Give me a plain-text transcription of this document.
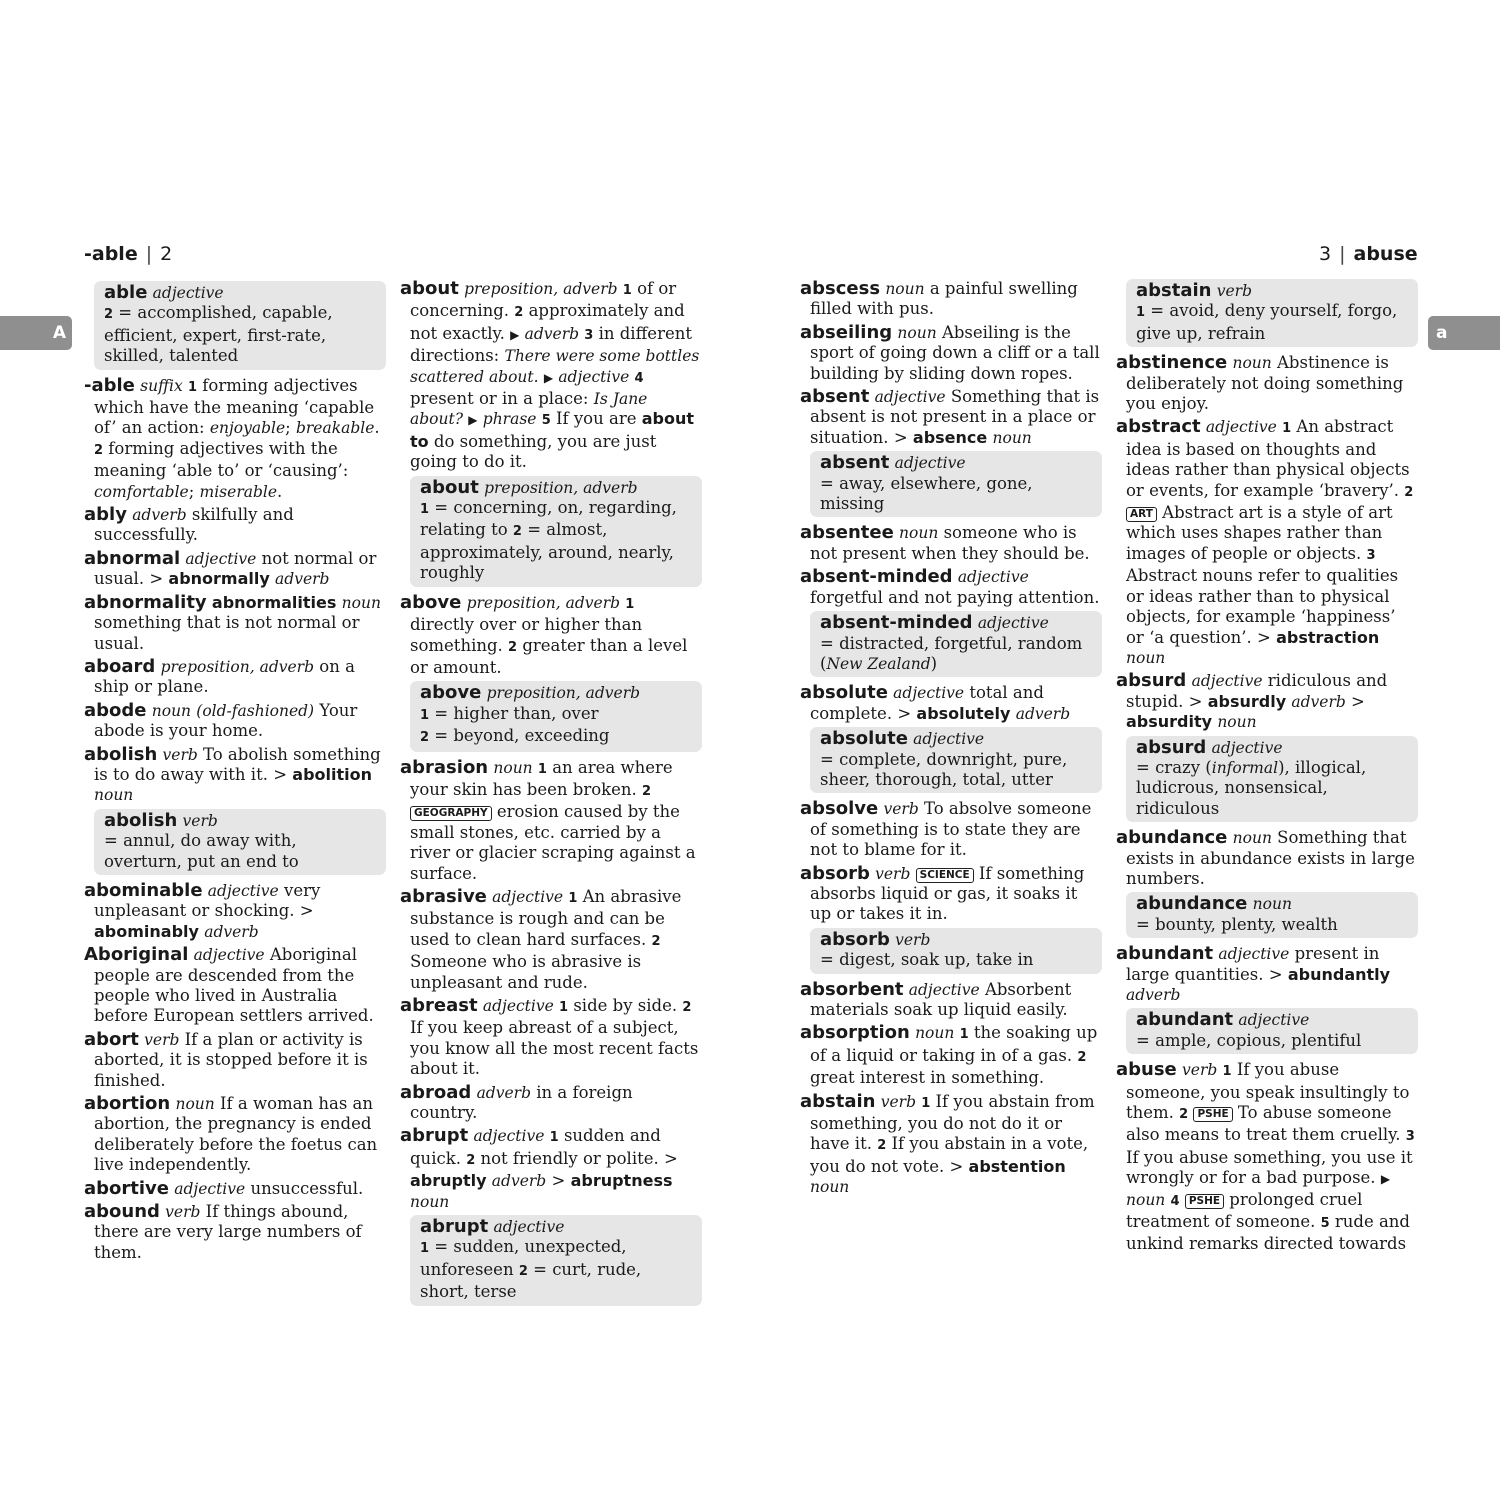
-able | 2	3 | abuse
A	a
able adjective
2 = accomplished, capable, efficient, expert, first-rate, skilled, talented
-able suffix 1 forming adjectives which have the meaning ‘capable of’ an action: enjoyable; breakable. 2 forming adjectives with the meaning ‘able to’ or ‘causing’: comfortable; miserable.
ably adverb skilfully and successfully.
abnormal adjective not normal or usual. > abnormally adverb
abnormality abnormalities noun something that is not normal or usual.
aboard preposition, adverb on a ship or plane.
abode noun (old-fashioned) Your abode is your home.
abolish verb To abolish something is to do away with it. > abolition noun
abolish verb
= annul, do away with, overturn, put an end to
abominable adjective very unpleasant or shocking. > abominably adverb
Aboriginal adjective Aboriginal people are descended from the people who lived in Australia before European settlers arrived.
abort verb If a plan or activity is aborted, it is stopped before it is finished.
abortion noun If a woman has an abortion, the pregnancy is ended deliberately before the foetus can live independently.
abortive adjective unsuccessful.
abound verb If things abound, there are very large numbers of them.
about preposition, adverb 1 of or concerning. 2 approximately and not exactly. ▶ adverb 3 in different directions: There were some bottles scattered about. ▶ adjective 4 present or in a place: Is Jane about? ▶ phrase 5 If you are about to do something, you are just going to do it.
about preposition, adverb
1 = concerning, on, regarding, relating to 2 = almost, approximately, around, nearly, roughly
above preposition, adverb 1 directly over or higher than something. 2 greater than a level or amount.
above preposition, adverb
1 = higher than, over
2 = beyond, exceeding
abrasion noun 1 an area where your skin has been broken. 2 GEOGRAPHY erosion caused by the small stones, etc. carried by a river or glacier scraping against a surface.
abrasive adjective 1 An abrasive substance is rough and can be used to clean hard surfaces. 2 Someone who is abrasive is unpleasant and rude.
abreast adjective 1 side by side. 2 If you keep abreast of a subject, you know all the most recent facts about it.
abroad adverb in a foreign country.
abrupt adjective 1 sudden and quick. 2 not friendly or polite. > abruptly adverb > abruptness noun
abrupt adjective
1 = sudden, unexpected, unforeseen 2 = curt, rude, short, terse
abscess noun a painful swelling filled with pus.
abseiling noun Abseiling is the sport of going down a cliff or a tall building by sliding down ropes.
absent adjective Something that is absent is not present in a place or situation. > absence noun
absent adjective
= away, elsewhere, gone, missing
absentee noun someone who is not present when they should be.
absent-minded adjective forgetful and not paying attention.
absent-minded adjective
= distracted, forgetful, random (New Zealand)
absolute adjective total and complete. > absolutely adverb
absolute adjective
= complete, downright, pure, sheer, thorough, total, utter
absolve verb To absolve someone of something is to state they are not to blame for it.
absorb verb SCIENCE If something absorbs liquid or gas, it soaks it up or takes it in.
absorb verb
= digest, soak up, take in
absorbent adjective Absorbent materials soak up liquid easily.
absorption noun 1 the soaking up of a liquid or taking in of a gas. 2 great interest in something.
abstain verb 1 If you abstain from something, you do not do it or have it. 2 If you abstain in a vote, you do not vote. > abstention noun
abstain verb
1 = avoid, deny yourself, forgo, give up, refrain
abstinence noun Abstinence is deliberately not doing something you enjoy.
abstract adjective 1 An abstract idea is based on thoughts and ideas rather than physical objects or events, for example ‘bravery’. 2 ART Abstract art is a style of art which uses shapes rather than images of people or objects. 3 Abstract nouns refer to qualities or ideas rather than to physical objects, for example ‘happiness’ or ‘a question’. > abstraction noun
absurd adjective ridiculous and stupid. > absurdly adverb > absurdity noun
absurd adjective
= crazy (informal), illogical, ludicrous, nonsensical, ridiculous
abundance noun Something that exists in abundance exists in large numbers.
abundance noun
= bounty, plenty, wealth
abundant adjective present in large quantities. > abundantly adverb
abundant adjective
= ample, copious, plentiful
abuse verb 1 If you abuse someone, you speak insultingly to them. 2 PSHE To abuse someone also means to treat them cruelly. 3 If you abuse something, you use it wrongly or for a bad purpose. ▶ noun 4 PSHE prolonged cruel treatment of someone. 5 rude and unkind remarks directed towards
